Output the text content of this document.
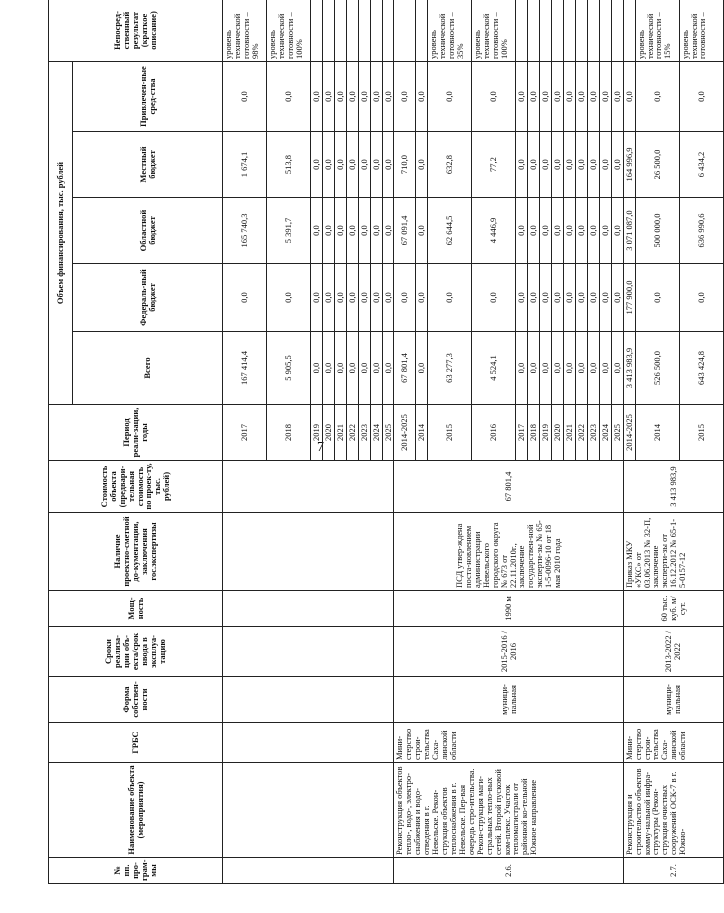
7
№ пп. про-грам-мы	Наименование объекта (мероприятия)	ГРБС	Форма собствен-ности	Сроки реализа-ции объ-екта/срок ввода в эксплуа-тацию	Мощ-ность	Наличие проектно-сметной до-кументации, заключения гос.экспертизы	Стоимость объекта (предвари-тельная стоимость по проек-ту, тыс. рублей)	Период реали-зации, годы	Объем финансирования, тыс. рублей					Непосред-ственный результат (краткое описание)
									Всего	Федераль-ный бюджет	Областной бюджет	Местный бюджет	Привлечен-ные сред-ства	
								2017	167 414,4	0,0	165 740,3	1 674,1	0,0	уровень технической готовности – 98%
								2018	5 905,5	0,0	5 391,7	513,8	0,0	уровень технической готовности – 100%
								2019	0,0	0,0	0,0	0,0	0,0	
								2020	0,0	0,0	0,0	0,0	0,0	
								2021	0,0	0,0	0,0	0,0	0,0	
								2022	0,0	0,0	0,0	0,0	0,0	
								2023	0,0	0,0	0,0	0,0	0,0	
								2024	0,0	0,0	0,0	0,0	0,0	
								2025	0,0	0,0	0,0	0,0	0,0	
2.6.	Реконструкция объектов тепло-, водо-, электро-снабжения и водо-отведения в г. Невельске. Рекон-струкция объектов теплоснабжения в г. Невельске. Пер-вая очередь стро-ительства. Рекон-струкция маги-стральных тепло-вых сетей. Второй пусковой ком-плекс. Участок тепломагистрали от районной ко-тельной Южное направление	Мини-стерство строи-тельства Саха-линской области	муници-пальная	2015-2016 / 2016	1990 м	ПСД утвер-ждена поста-новлением администрации Невельского городского округа № 673 от 22.11.2010г., заключение государствен-ной эксперти-зы № 65-1-5-0096-10 от 18 мая 2010 года	67 801,4	2014-2025	67 801,4	0,0	67 091,4	710,0	0,0	
								2014	0,0	0,0	0,0	0,0	0,0	
								2015	63 277,3	0,0	62 644,5	632,8	0,0	уровень технической готовности – 35%
								2016	4 524,1	0,0	4 446,9	77,2	0,0	уровень технической готовности – 100%
								2017	0,0	0,0	0,0	0,0	0,0	
								2018	0,0	0,0	0,0	0,0	0,0	
								2019	0,0	0,0	0,0	0,0	0,0	
								2020	0,0	0,0	0,0	0,0	0,0	
								2021	0,0	0,0	0,0	0,0	0,0	
								2022	0,0	0,0	0,0	0,0	0,0	
								2023	0,0	0,0	0,0	0,0	0,0	
								2024	0,0	0,0	0,0	0,0	0,0	
								2025	0,0	0,0	0,0	0,0	0,0	
2.7.	Реконструкция и строительство объектов комму-нальной инфра-структуры (Рекон-струкция очистных сооружений ОСК-7 в г. Южно-	Мини-стерство строи-тельства Саха-линской области	муници-пальная	2013-2022 / 2022	60 тыс. куб. м/сут.	Приказ МКУ «УКС» от 03.06.2013 № 32-П, заключение эксперти-зы от 16.12.2012 № 65-1-5-0157-12	3 413 983,9	2014-2025	3 413 983,9	177 900,0	3 071 087,0	164 996,9	0,0	
								2014	526 500,0	0,0	500 000,0	26 500,0	0,0	уровень технической готовности – 15%
								2015	643 424,8	0,0	636 990,6	6 434,2	0,0	уровень технической готовности –
